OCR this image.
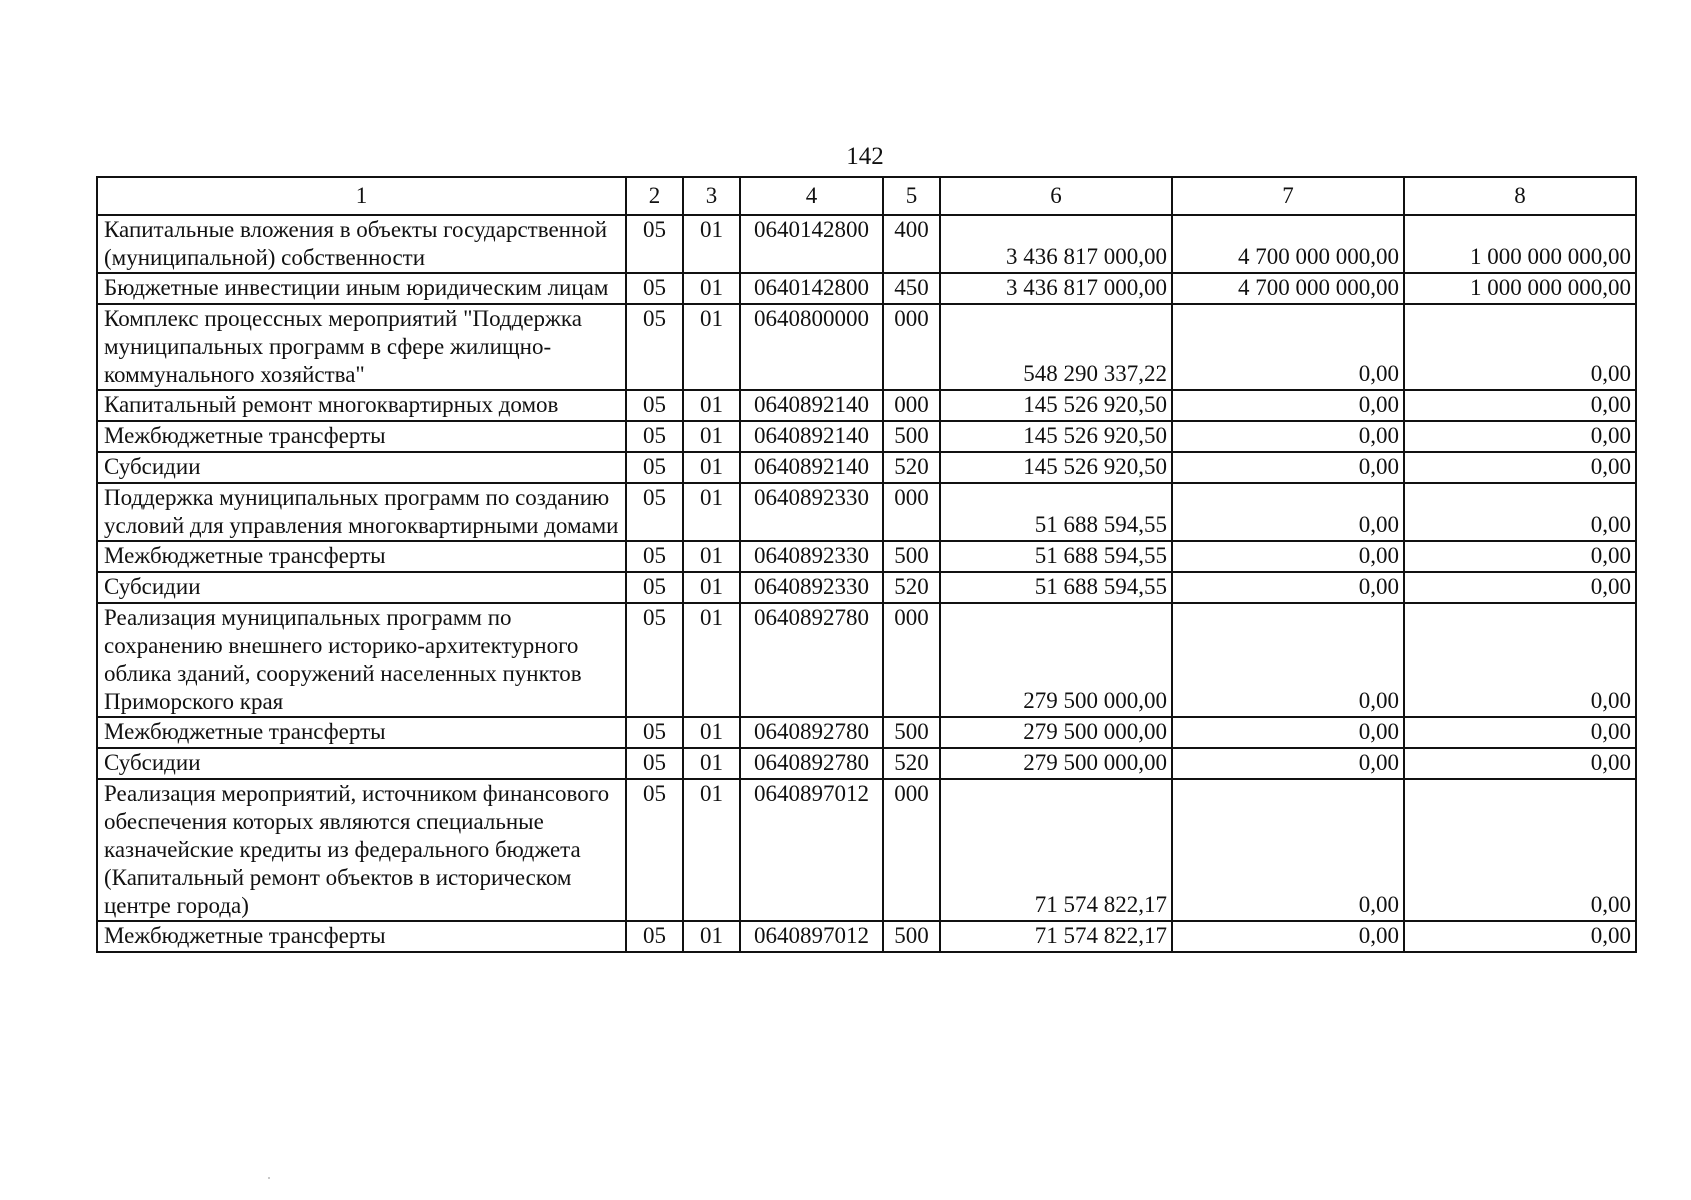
142
1	2	3	4	5	6	7	8
Капитальные вложения в объекты государственной (муниципальной) собственности	05	01	0640142800	400	3 436 817 000,00	4 700 000 000,00	1 000 000 000,00
Бюджетные инвестиции иным юридическим лицам	05	01	0640142800	450	3 436 817 000,00	4 700 000 000,00	1 000 000 000,00
Комплекс процессных мероприятий "Поддержка муниципальных программ в сфере жилищно-коммунального хозяйства"	05	01	0640800000	000	548 290 337,22	0,00	0,00
Капитальный ремонт многоквартирных домов	05	01	0640892140	000	145 526 920,50	0,00	0,00
Межбюджетные трансферты	05	01	0640892140	500	145 526 920,50	0,00	0,00
Субсидии	05	01	0640892140	520	145 526 920,50	0,00	0,00
Поддержка муниципальных программ по созданию условий для управления многоквартирными домами	05	01	0640892330	000	51 688 594,55	0,00	0,00
Межбюджетные трансферты	05	01	0640892330	500	51 688 594,55	0,00	0,00
Субсидии	05	01	0640892330	520	51 688 594,55	0,00	0,00
Реализация муниципальных программ по сохранению внешнего историко-архитектурного облика зданий, сооружений населенных пунктов Приморского края	05	01	0640892780	000	279 500 000,00	0,00	0,00
Межбюджетные трансферты	05	01	0640892780	500	279 500 000,00	0,00	0,00
Субсидии	05	01	0640892780	520	279 500 000,00	0,00	0,00
Реализация мероприятий, источником финансового обеспечения которых являются специальные казначейские кредиты из федерального бюджета (Капитальный ремонт объектов в историческом центре города)	05	01	0640897012	000	71 574 822,17	0,00	0,00
Межбюджетные трансферты	05	01	0640897012	500	71 574 822,17	0,00	0,00
